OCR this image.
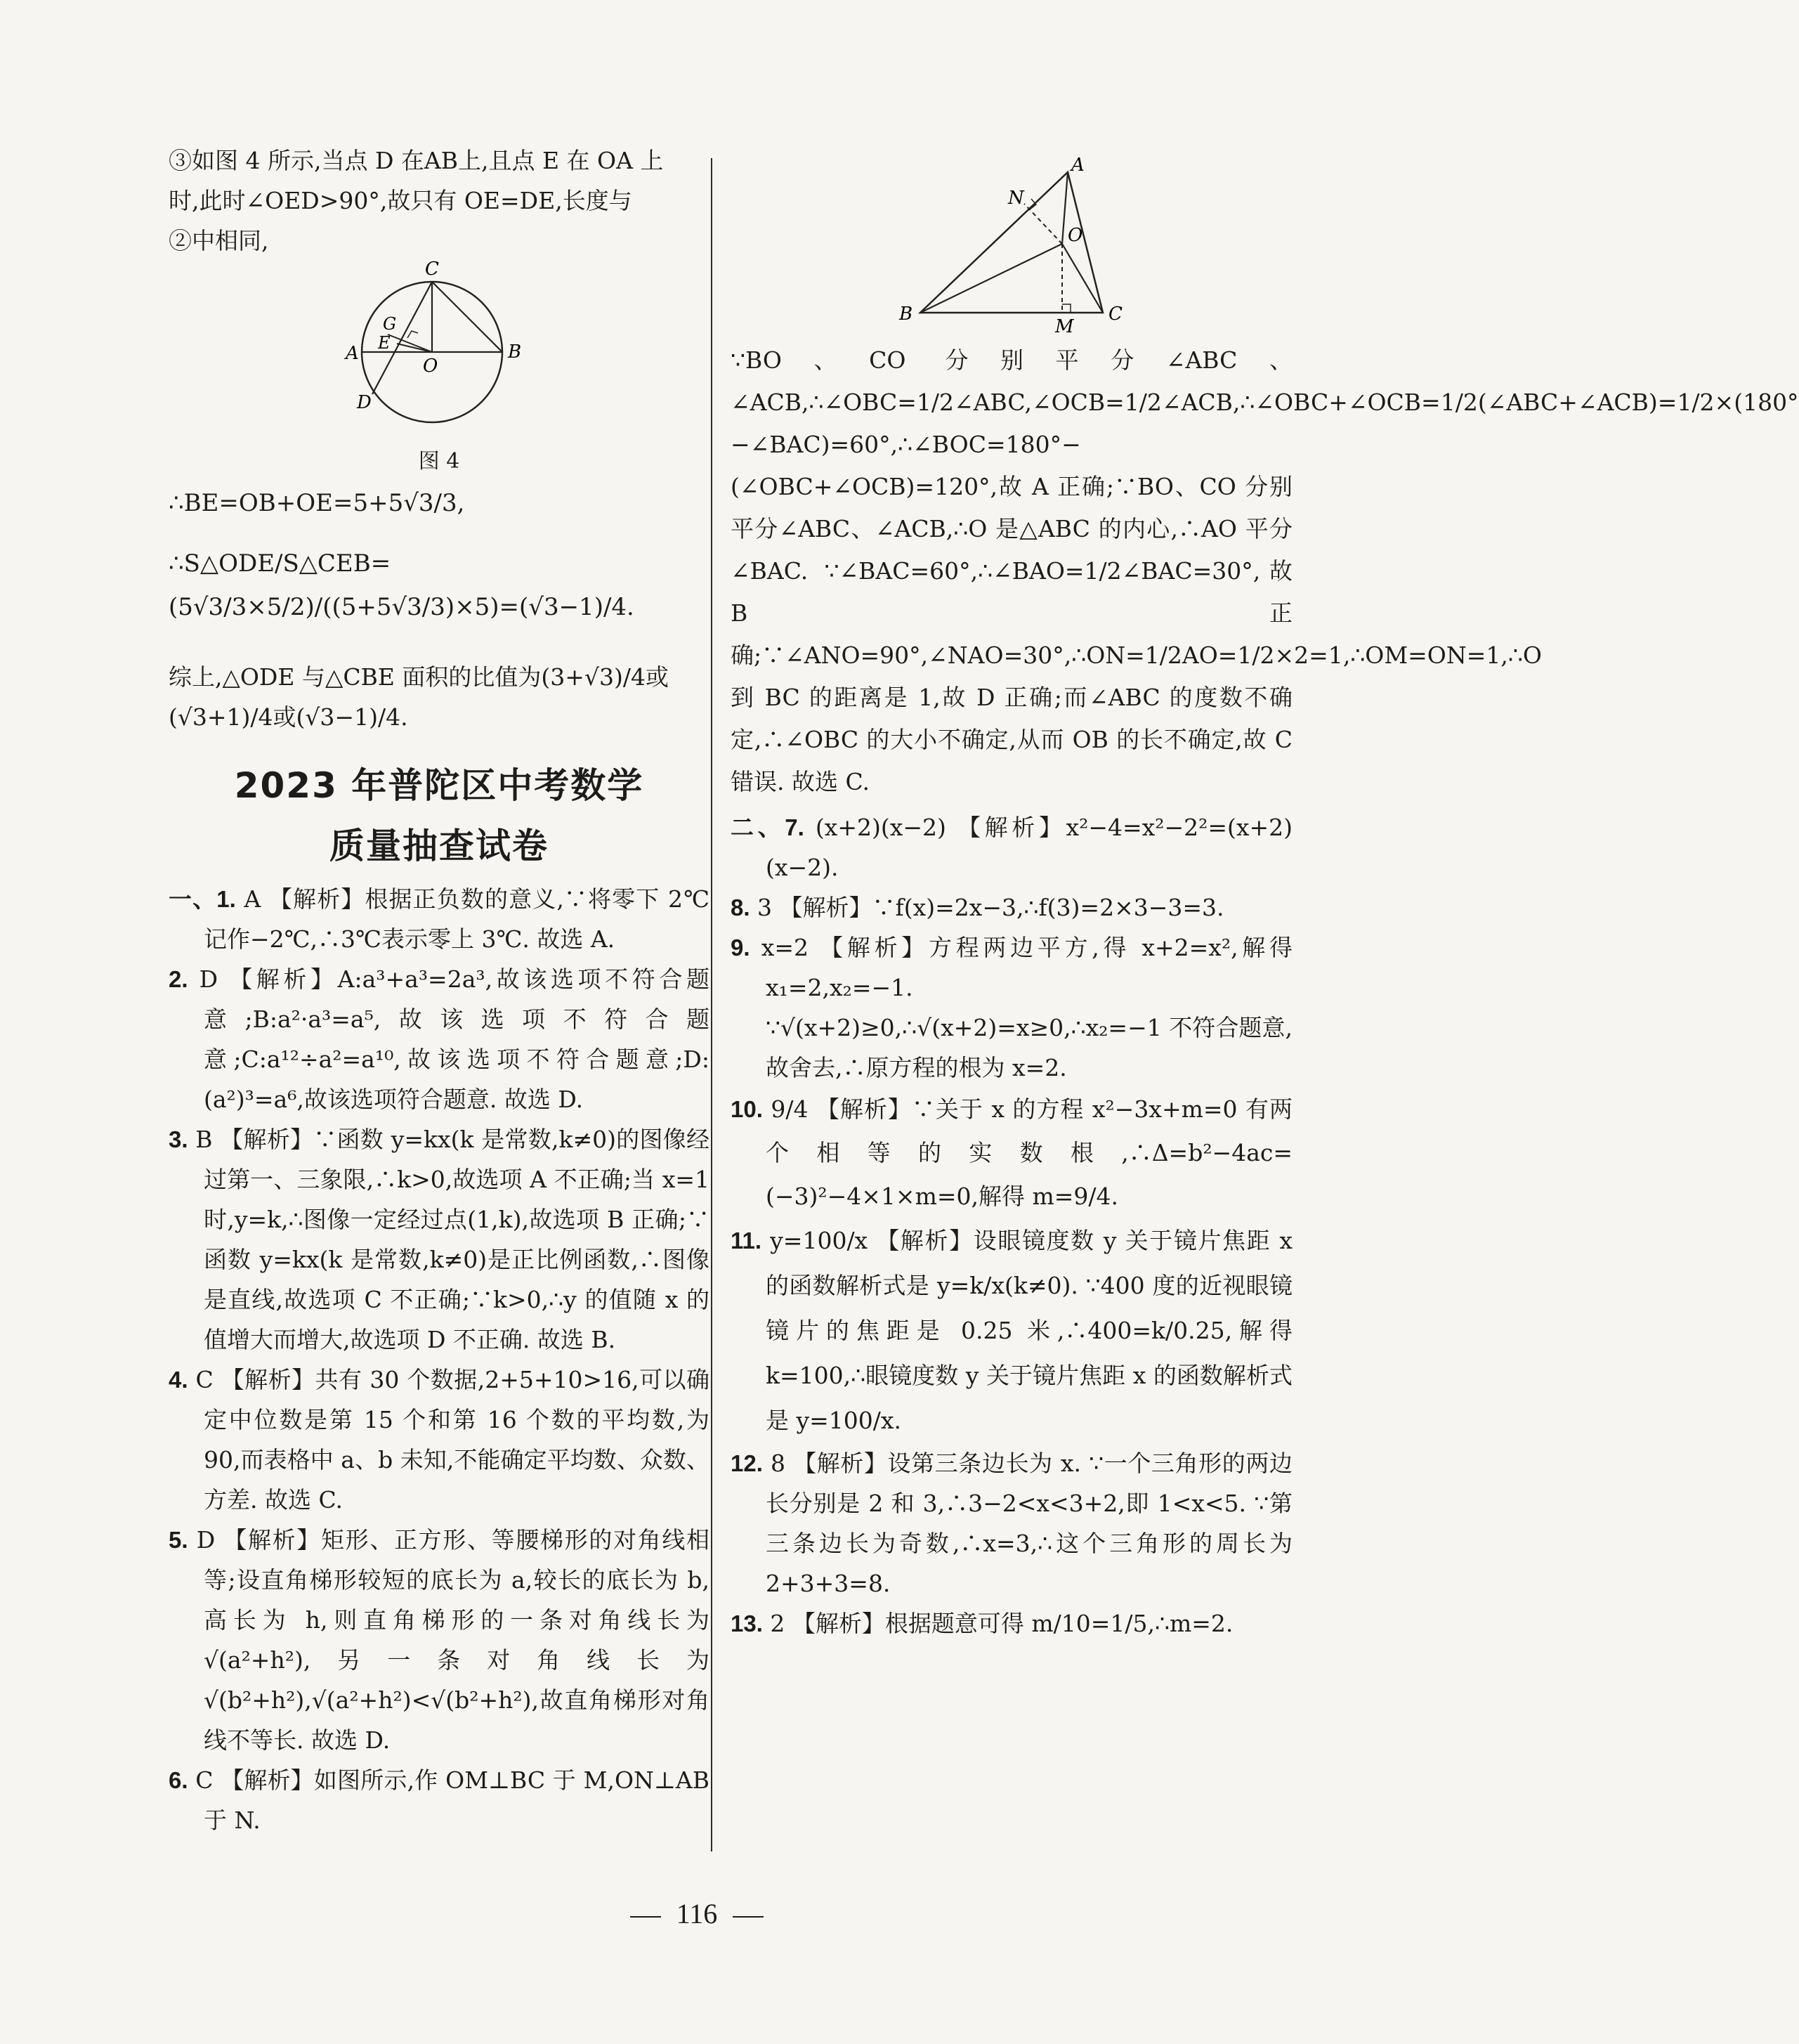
③如图 4 所示,当点 D 在AB上,且点 E 在 OA 上

时,此时∠OED>90°,故只有 OE=DE,长度与

②中相同,

C
G
E
A
O
B
D

图 4

∴BE=OB+OE=5+5√3/3,

∴S△ODE/S△CEB=(5√3/3×5/2)/((5+5√3/3)×5)=(√3−1)/4.

综上,△ODE 与△CBE 面积的比值为(3+√3)/4或

(√3+1)/4或(√3−1)/4.

2023 年普陀区中考数学
质量抽查试卷

一、1. A 【解析】根据正负数的意义,∵将零下 2℃记作−2℃,∴3℃表示零上 3℃. 故选 A.

2. D 【解析】A:a³+a³=2a³,故该选项不符合题意;B:a²·a³=a⁵,故该选项不符合题意;C:a¹²÷a²=a¹⁰,故该选项不符合题意;D:(a²)³=a⁶,故该选项符合题意. 故选 D.

3. B 【解析】∵函数 y=kx(k 是常数,k≠0)的图像经过第一、三象限,∴k>0,故选项 A 不正确;当 x=1 时,y=k,∴图像一定经过点(1,k),故选项 B 正确;∵函数 y=kx(k 是常数,k≠0)是正比例函数,∴图像是直线,故选项 C 不正确;∵k>0,∴y 的值随 x 的值增大而增大,故选项 D 不正确. 故选 B.

4. C 【解析】共有 30 个数据,2+5+10>16,可以确定中位数是第 15 个和第 16 个数的平均数,为 90,而表格中 a、b 未知,不能确定平均数、众数、方差. 故选 C.

5. D 【解析】矩形、正方形、等腰梯形的对角线相等;设直角梯形较短的底长为 a,较长的底长为 b,高长为 h,则直角梯形的一条对角线长为 √(a²+h²),另一条对角线长为 √(b²+h²),√(a²+h²)<√(b²+h²),故直角梯形对角线不等长. 故选 D.

6. C 【解析】如图所示,作 OM⊥BC 于 M,ON⊥AB 于 N.

A
N
O
B
M
C

∵BO、CO 分别平分∠ABC、∠ACB,∴∠OBC=1/2∠ABC,∠OCB=1/2∠ACB,∴∠OBC+∠OCB=1/2(∠ABC+∠ACB)=1/2×(180°−∠BAC)=60°,∴∠BOC=180°−(∠OBC+∠OCB)=120°,故 A 正确;∵BO、CO 分别平分∠ABC、∠ACB,∴O 是△ABC 的内心,∴AO 平分∠BAC. ∵∠BAC=60°,∴∠BAO=1/2∠BAC=30°,故 B 正确;∵∠ANO=90°,∠NAO=30°,∴ON=1/2AO=1/2×2=1,∴OM=ON=1,∴O 到 BC 的距离是 1,故 D 正确;而∠ABC 的度数不确定,∴∠OBC 的大小不确定,从而 OB 的长不确定,故 C 错误. 故选 C.

二、7. (x+2)(x−2) 【解析】x²−4=x²−2²=(x+2)(x−2).

8. 3 【解析】∵f(x)=2x−3,∴f(3)=2×3−3=3.

9. x=2 【解析】方程两边平方,得 x+2=x²,解得 x₁=2,x₂=−1. ∵√(x+2)≥0,∴√(x+2)=x≥0,∴x₂=−1 不符合题意,故舍去,∴原方程的根为 x=2.

10. 9/4 【解析】∵关于 x 的方程 x²−3x+m=0 有两个相等的实数根,∴Δ=b²−4ac=(−3)²−4×1×m=0,解得 m=9/4.

11. y=100/x 【解析】设眼镜度数 y 关于镜片焦距 x 的函数解析式是 y=k/x(k≠0). ∵400 度的近视眼镜镜片的焦距是 0.25 米,∴400=k/0.25,解得 k=100,∴眼镜度数 y 关于镜片焦距 x 的函数解析式是 y=100/x.

12. 8 【解析】设第三条边长为 x. ∵一个三角形的两边长分别是 2 和 3,∴3−2<x<3+2,即 1<x<5. ∵第三条边长为奇数,∴x=3,∴这个三角形的周长为 2+3+3=8.

13. 2 【解析】根据题意可得 m/10=1/5,∴m=2.

116
